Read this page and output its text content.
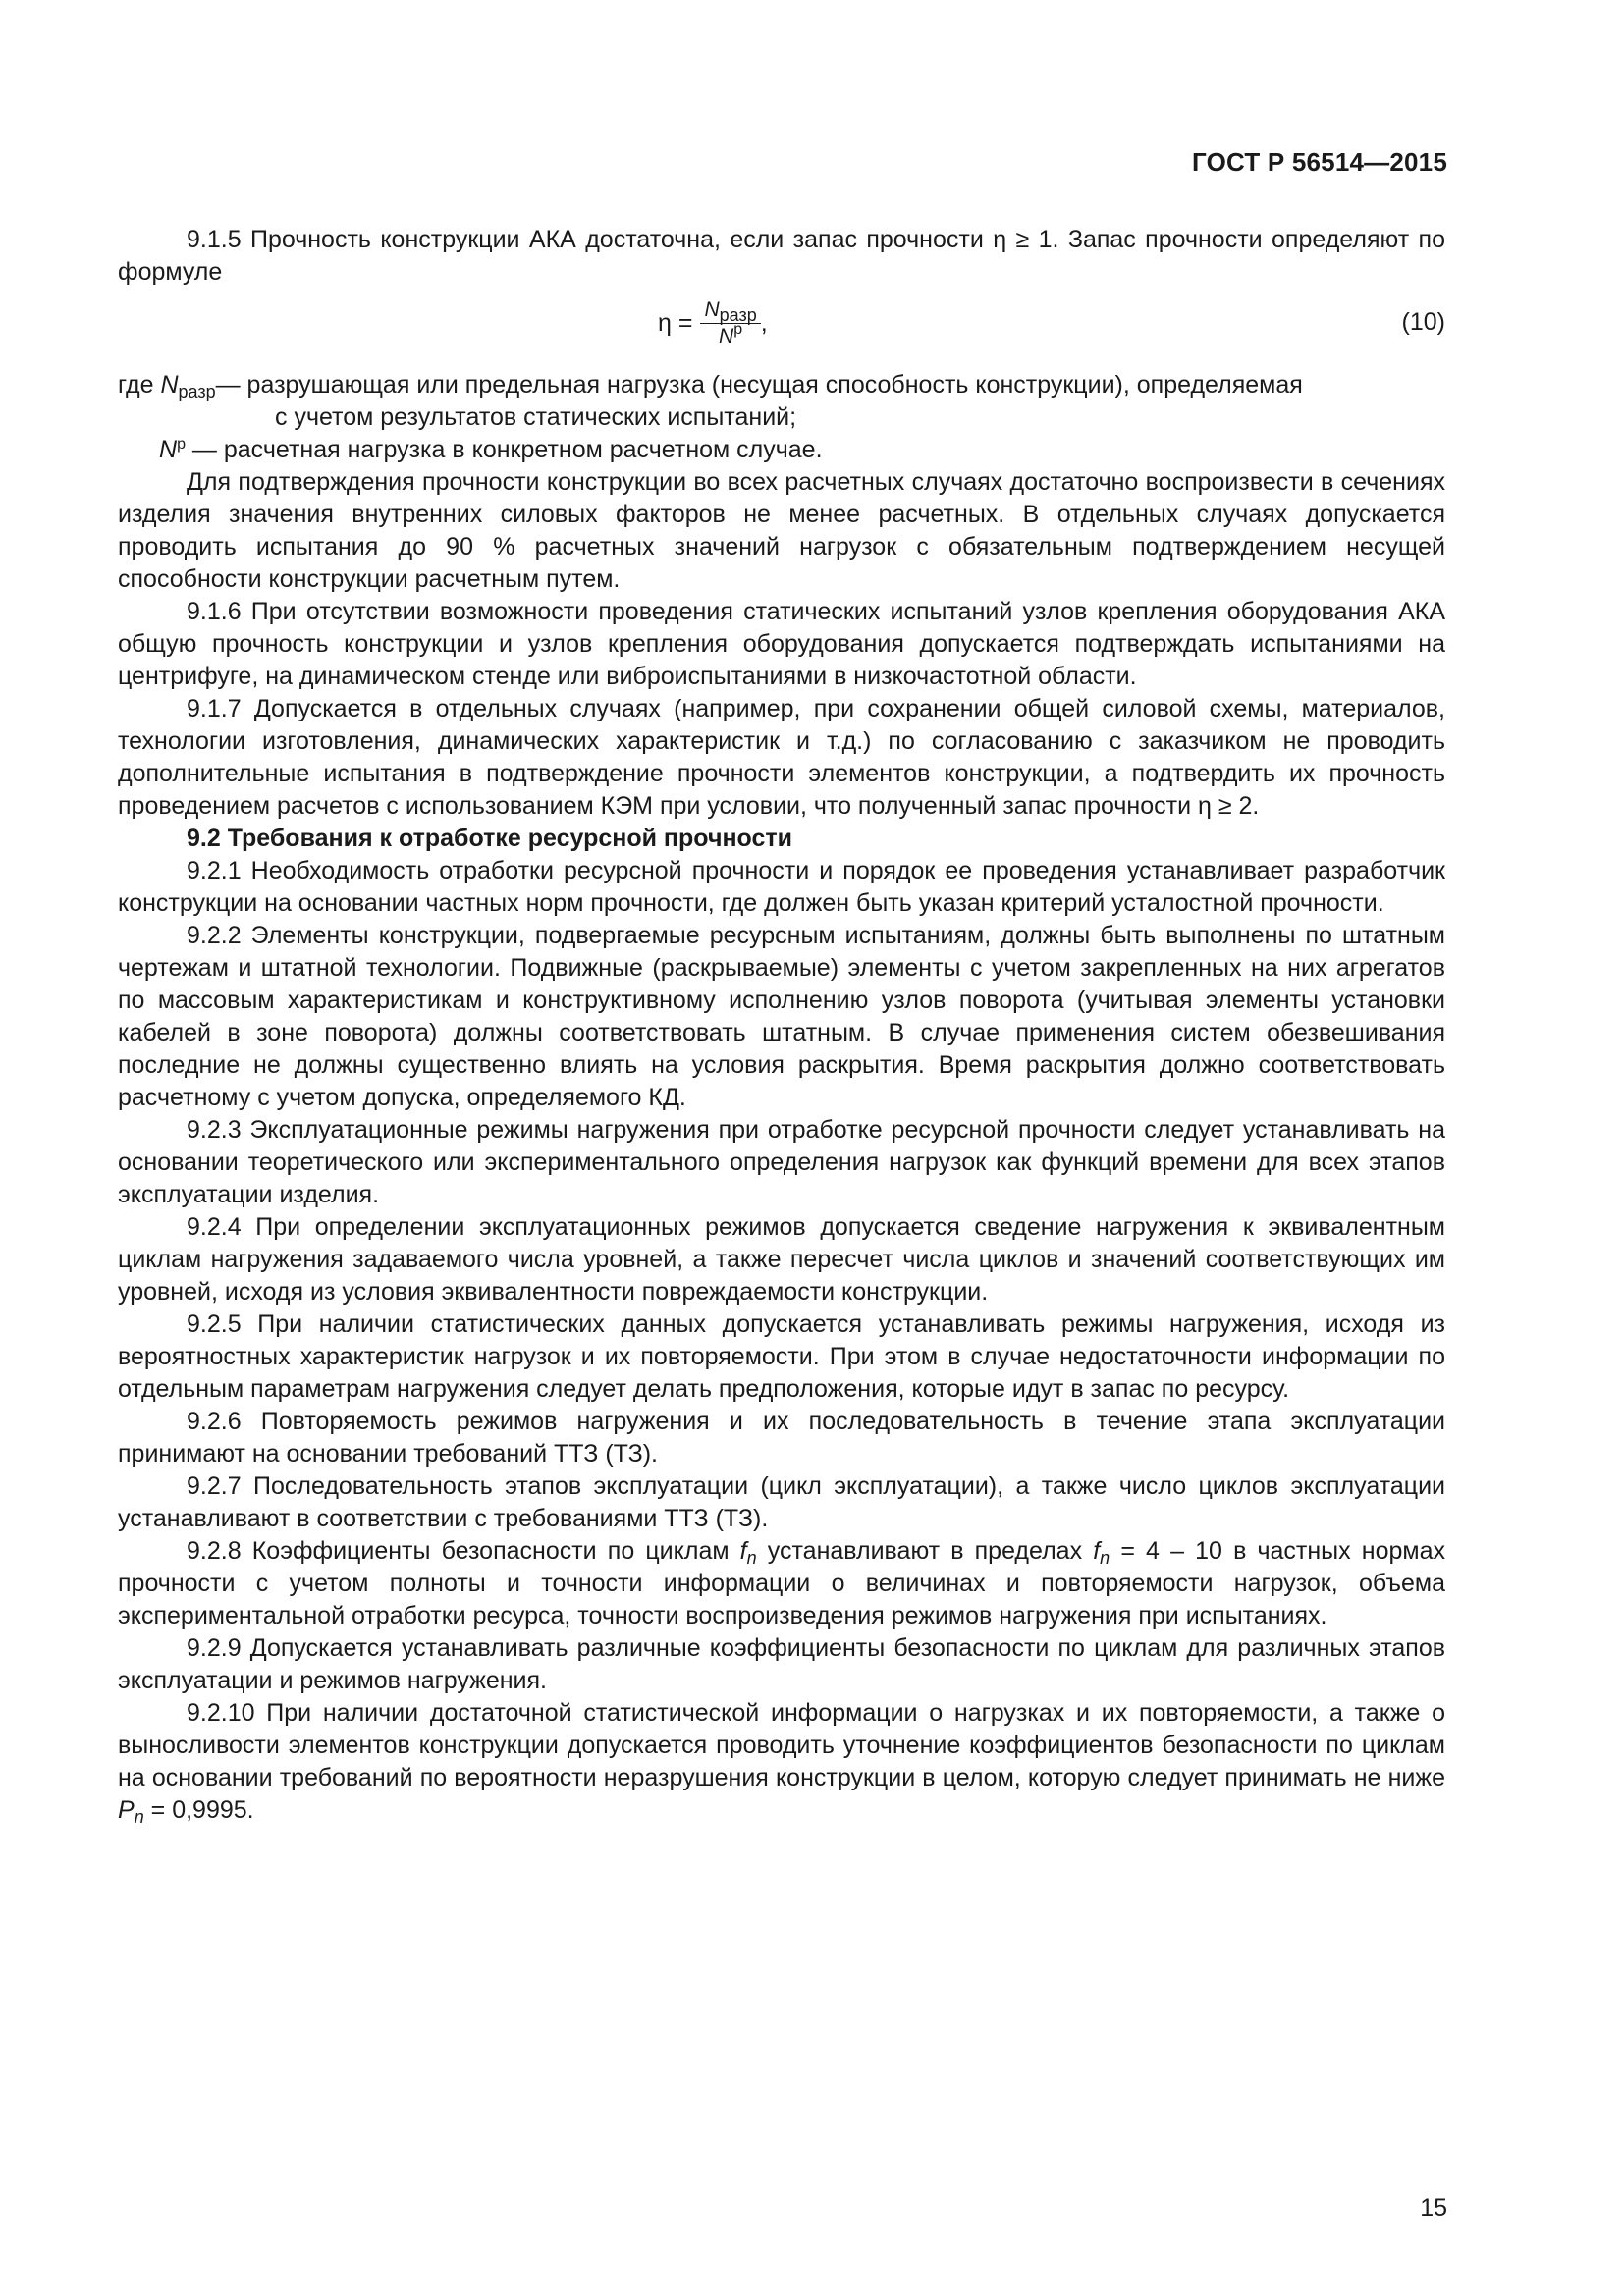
ГОСТ Р 56514—2015

9.1.5 Прочность конструкции АКА достаточна, если запас прочности η ≥ 1. Запас прочности определяют по формуле

$\eta = \frac{N_{разр}}{N^р}$ ,	(10)
где $N_{разр}$ — разрушающая или предельная нагрузка (несущая способность конструкции), определяемая

с учетом результатов статических испытаний;

$N^р$ — расчетная нагрузка в конкретном расчетном случае.

Для подтверждения прочности конструкции во всех расчетных случаях достаточно воспроизвести в сечениях изделия значения внутренних силовых факторов не менее расчетных. В отдельных случаях допускается проводить испытания до 90 % расчетных значений нагрузок с обязательным подтверждением несущей способности конструкции расчетным путем.

9.1.6 При отсутствии возможности проведения статических испытаний узлов крепления оборудования АКА общую прочность конструкции и узлов крепления оборудования допускается подтверждать испытаниями на центрифуге, на динамическом стенде или виброиспытаниями в низкочастотной области.

9.1.7 Допускается в отдельных случаях (например, при сохранении общей силовой схемы, материалов, технологии изготовления, динамических характеристик и т.д.) по согласованию с заказчиком не проводить дополнительные испытания в подтверждение прочности элементов конструкции, а подтвердить их прочность проведением расчетов с использованием КЭМ при условии, что полученный запас прочности η ≥ 2.

9.2 Требования к отработке ресурсной прочности

9.2.1 Необходимость отработки ресурсной прочности и порядок ее проведения устанавливает разработчик конструкции на основании частных норм прочности, где должен быть указан критерий усталостной прочности.

9.2.2 Элементы конструкции, подвергаемые ресурсным испытаниям, должны быть выполнены по штатным чертежам и штатной технологии. Подвижные (раскрываемые) элементы с учетом закрепленных на них агрегатов по массовым характеристикам и конструктивному исполнению узлов поворота (учитывая элементы установки кабелей в зоне поворота) должны соответствовать штатным. В случае применения систем обезвешивания последние не должны существенно влиять на условия раскрытия. Время раскрытия должно соответствовать расчетному с учетом допуска, определяемого КД.

9.2.3 Эксплуатационные режимы нагружения при отработке ресурсной прочности следует устанавливать на основании теоретического или экспериментального определения нагрузок как функций времени для всех этапов эксплуатации изделия.

9.2.4 При определении эксплуатационных режимов допускается сведение нагружения к эквивалентным циклам нагружения задаваемого числа уровней, а также пересчет числа циклов и значений соответствующих им уровней, исходя из условия эквивалентности повреждаемости конструкции.

9.2.5 При наличии статистических данных допускается устанавливать режимы нагружения, исходя из вероятностных характеристик нагрузок и их повторяемости. При этом в случае недостаточности информации по отдельным параметрам нагружения следует делать предположения, которые идут в запас по ресурсу.

9.2.6 Повторяемость режимов нагружения и их последовательность в течение этапа эксплуатации принимают на основании требований ТТЗ (ТЗ).

9.2.7 Последовательность этапов эксплуатации (цикл эксплуатации), а также число циклов эксплуатации устанавливают в соответствии с требованиями ТТЗ (ТЗ).

9.2.8 Коэффициенты безопасности по циклам $f_n$ устанавливают в пределах $f_n = 4 - 10$ в частных нормах прочности с учетом полноты и точности информации о величинах и повторяемости нагрузок, объема экспериментальной отработки ресурса, точности воспроизведения режимов нагружения при испытаниях.

9.2.9 Допускается устанавливать различные коэффициенты безопасности по циклам для различных этапов эксплуатации и режимов нагружения.

9.2.10 При наличии достаточной статистической информации о нагрузках и их повторяемости, а также о выносливости элементов конструкции допускается проводить уточнение коэффициентов безопасности по циклам на основании требований по вероятности неразрушения конструкции в целом, которую следует принимать не ниже $P_n = 0,9995$.

15
